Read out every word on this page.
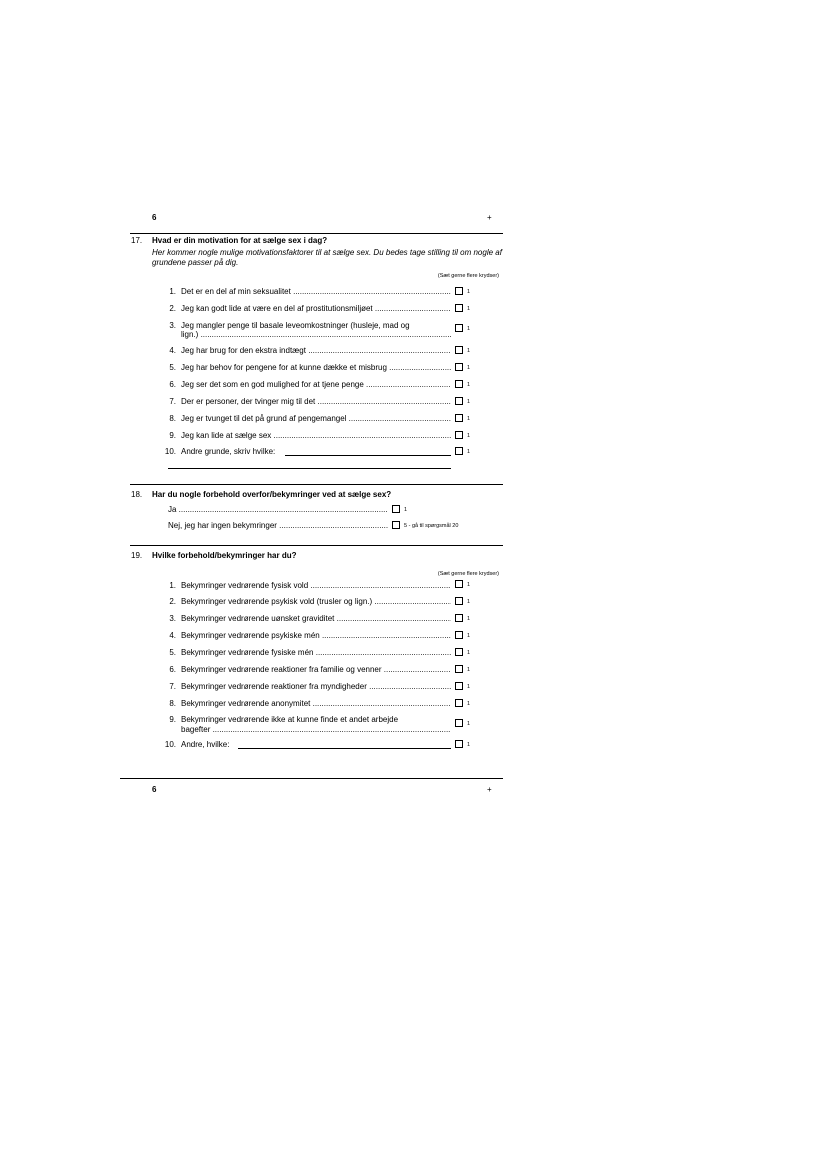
6	+
17. Hvad er din motivation for at sælge sex i dag?
Her kommer nogle mulige motivationsfaktorer til at sælge sex. Du bedes tage stilling til om nogle af grundene passer på dig.
(Sæt gerne flere krydser)
1. Det er en del af min seksualitet .....	1
2. Jeg kan godt lide at være en del af prostitutionsmiljøet .....	1
3. Jeg mangler penge til basale leveomkostninger (husleje, mad og
lign.) .....
1
4. Jeg har brug for den ekstra indtægt .....	1
5. Jeg har behov for pengene for at kunne dække et misbrug .....	1
6. Jeg ser det som en god mulighed for at tjene penge .....	1
7. Der er personer, der tvinger mig til det .....	1
8. Jeg er tvunget til det på grund af pengemangel .....	1
9. Jeg kan lide at sælge sex .....	1
10. Andre grunde, skriv hvilke:	1
18. Har du nogle forbehold overfor/bekymringer ved at sælge sex?
Ja .....	1
Nej, jeg har ingen bekymringer .....	5 - gå til spørgsmål 20
19. Hvilke forbehold/bekymringer har du?
(Sæt gerne flere krydser)
1. Bekymringer vedrørende fysisk vold .....	1
2. Bekymringer vedrørende psykisk vold (trusler og lign.) .....	1
3. Bekymringer vedrørende uønsket graviditet .....	1
4. Bekymringer vedrørende psykiske mén .....	1
5. Bekymringer vedrørende fysiske mén .....	1
6. Bekymringer vedrørende reaktioner fra familie og venner .....	1
7. Bekymringer vedrørende reaktioner fra myndigheder .....	1
8. Bekymringer vedrørende anonymitet .....	1
9. Bekymringer vedrørende ikke at kunne finde et andet arbejde
bagefter .....
1
10. Andre, hvilke:	1
6	+
